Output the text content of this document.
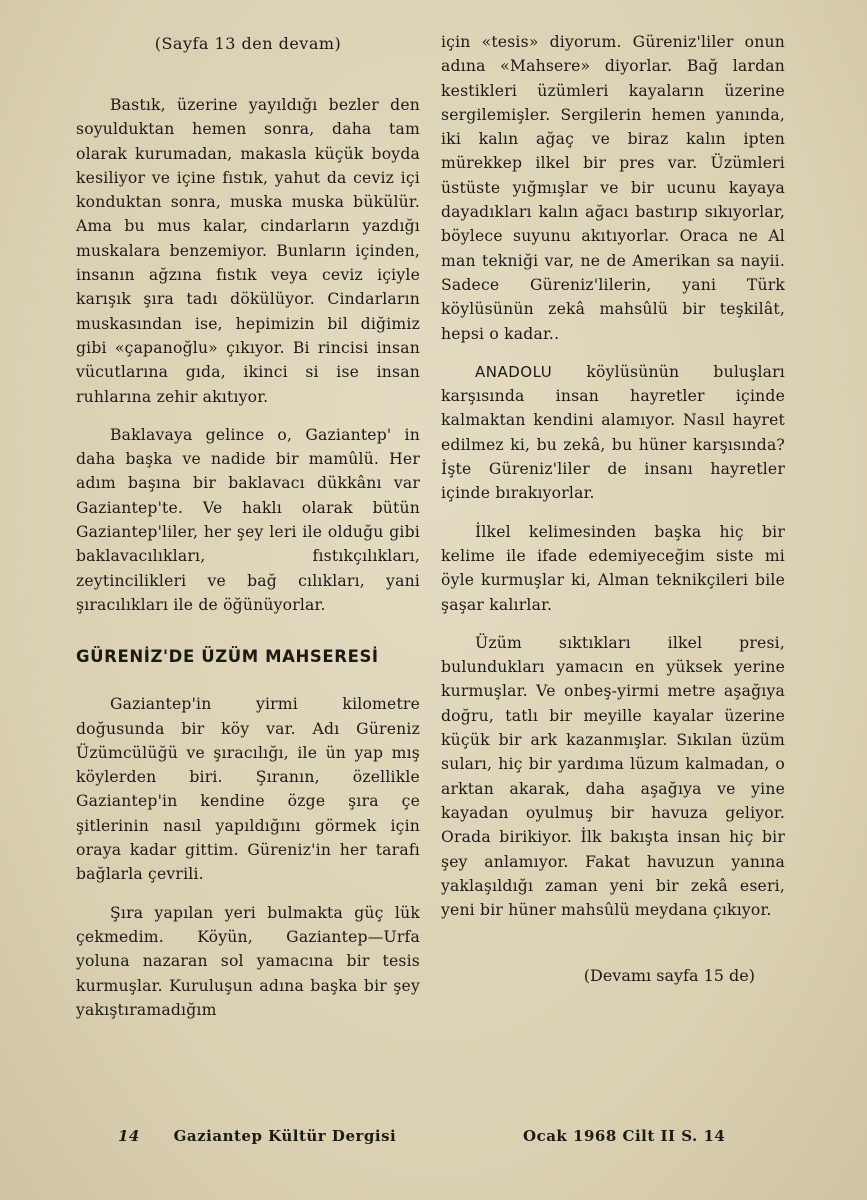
(Sayfa 13 den devam)

Bastık, üzerine yayıldığı bezler den soyulduktan hemen sonra, daha tam olarak kurumadan, makasla küçük boyda kesiliyor ve içine fıstık, yahut da ceviz içi konduktan sonra, muska muska bükülür. Ama bu mus kalar, cindarların yazdığı muskalara benzemiyor. Bunların içinden, insanın ağzına fıstık veya ceviz içiyle karışık şıra tadı dökülüyor. Cindarların muskasından ise, hepimizin bil diğimiz gibi «çapanoğlu» çıkıyor. Bi rincisi insan vücutlarına gıda, ikinci si ise insan ruhlarına zehir akıtıyor.

Baklavaya gelince o, Gaziantep' in daha başka ve nadide bir mamûlü. Her adım başına bir baklavacı dükkânı var Gaziantep'te. Ve haklı olarak bütün Gaziantep'liler, her şey leri ile olduğu gibi baklavacılıkları, fıstıkçılıkları, zeytincilikleri ve bağ cılıkları, yani şıracılıkları ile de öğünüyorlar.

GÜRENİZ'DE ÜZÜM MAHSERESİ

Gaziantep'in yirmi kilometre doğusunda bir köy var. Adı Güreniz Üzümcülüğü ve şıracılığı, ile ün yap mış köylerden biri. Şıranın, özellikle Gaziantep'in kendine özge şıra çe şitlerinin nasıl yapıldığını görmek için oraya kadar gittim. Güreniz'in her tarafı bağlarla çevrili.

Şıra yapılan yeri bulmakta güç lük çekmedim. Köyün, Gaziantep—Urfa yoluna nazaran sol yamacına bir tesis kurmuşlar. Kuruluşun adına başka bir şey yakıştıramadığım

için «tesis» diyorum. Güreniz'liler onun adına «Mahsere» diyorlar. Bağ lardan kestikleri üzümleri kayaların üzerine sergilemişler. Sergilerin hemen yanında, iki kalın ağaç ve biraz kalın ipten mürekkep ilkel bir pres var. Üzümleri üstüste yığmışlar ve bir ucunu kayaya dayadıkları kalın ağacı bastırıp sıkıyorlar, böylece suyunu akıtıyorlar. Oraca ne Al man tekniği var, ne de Amerikan sa nayii. Sadece Güreniz'lilerin, yani Türk köylüsünün zekâ mahsûlü bir teşkilât, hepsi o kadar..

ANADOLU köylüsünün buluşları karşısında insan hayretler içinde kalmaktan kendini alamıyor. Nasıl hayret edilmez ki, bu zekâ, bu hüner karşısında? İşte Güreniz'liler de insanı hayretler içinde bırakıyorlar.

İlkel kelimesinden başka hiç bir kelime ile ifade edemiyeceğim siste mi öyle kurmuşlar ki, Alman teknikçileri bile şaşar kalırlar.

Üzüm sıktıkları ilkel presi, bulundukları yamacın en yüksek yerine kurmuşlar. Ve onbeş-yirmi metre aşağıya doğru, tatlı bir meyille kayalar üzerine küçük bir ark kazanmışlar. Sıkılan üzüm suları, hiç bir yardıma lüzum kalmadan, o arktan akarak, daha aşağıya ve yine kayadan oyulmuş bir havuza geliyor. Orada birikiyor. İlk bakışta insan hiç bir şey anlamıyor. Fakat havuzun yanına yaklaşıldığı zaman yeni bir zekâ eseri, yeni bir hüner mahsûlü meydana çıkıyor.

(Devamı sayfa 15 de)
14 Gaziantep Kültür Dergisi	Ocak 1968 Cilt II S. 14
